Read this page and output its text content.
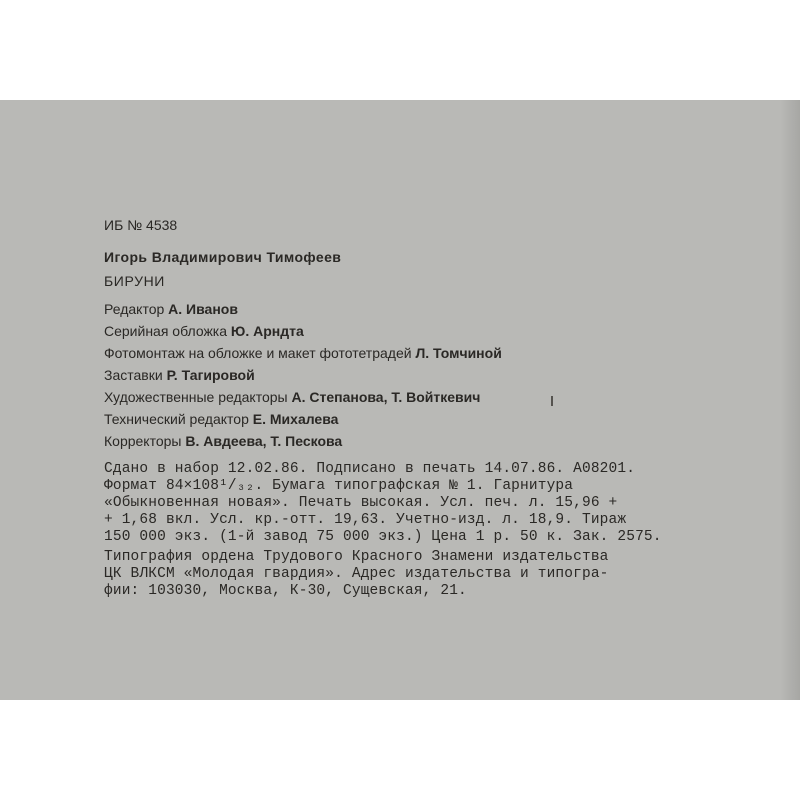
ИБ № 4538
Игорь Владимирович Тимофеев
БИРУНИ
Редактор А. Иванов
Серийная обложка Ю. Арндта
Фотомонтаж на обложке и макет фототетрадей Л. Томчиной
Заставки Р. Тагировой
Художественные редакторы А. Степанова, Т. Войткевич
Технический редактор Е. Михалева
Корректоры В. Авдеева, Т. Пескова
Сдано в набор 12.02.86. Подписано в печать 14.07.86. А08201.
Формат 84×108¹/₃₂. Бумага типографская № 1. Гарнитура
«Обыкновенная новая». Печать высокая. Усл. печ. л. 15,96 +
+ 1,68 вкл. Усл. кр.-отт. 19,63. Учетно-изд. л. 18,9. Тираж
150 000 экз. (1-й завод 75 000 экз.) Цена 1 р. 50 к. Зак. 2575.
Типография ордена Трудового Красного Знамени издательства
ЦК ВЛКСМ «Молодая гвардия». Адрес издательства и типогра-
фии: 103030, Москва, К-30, Сущевская, 21.
